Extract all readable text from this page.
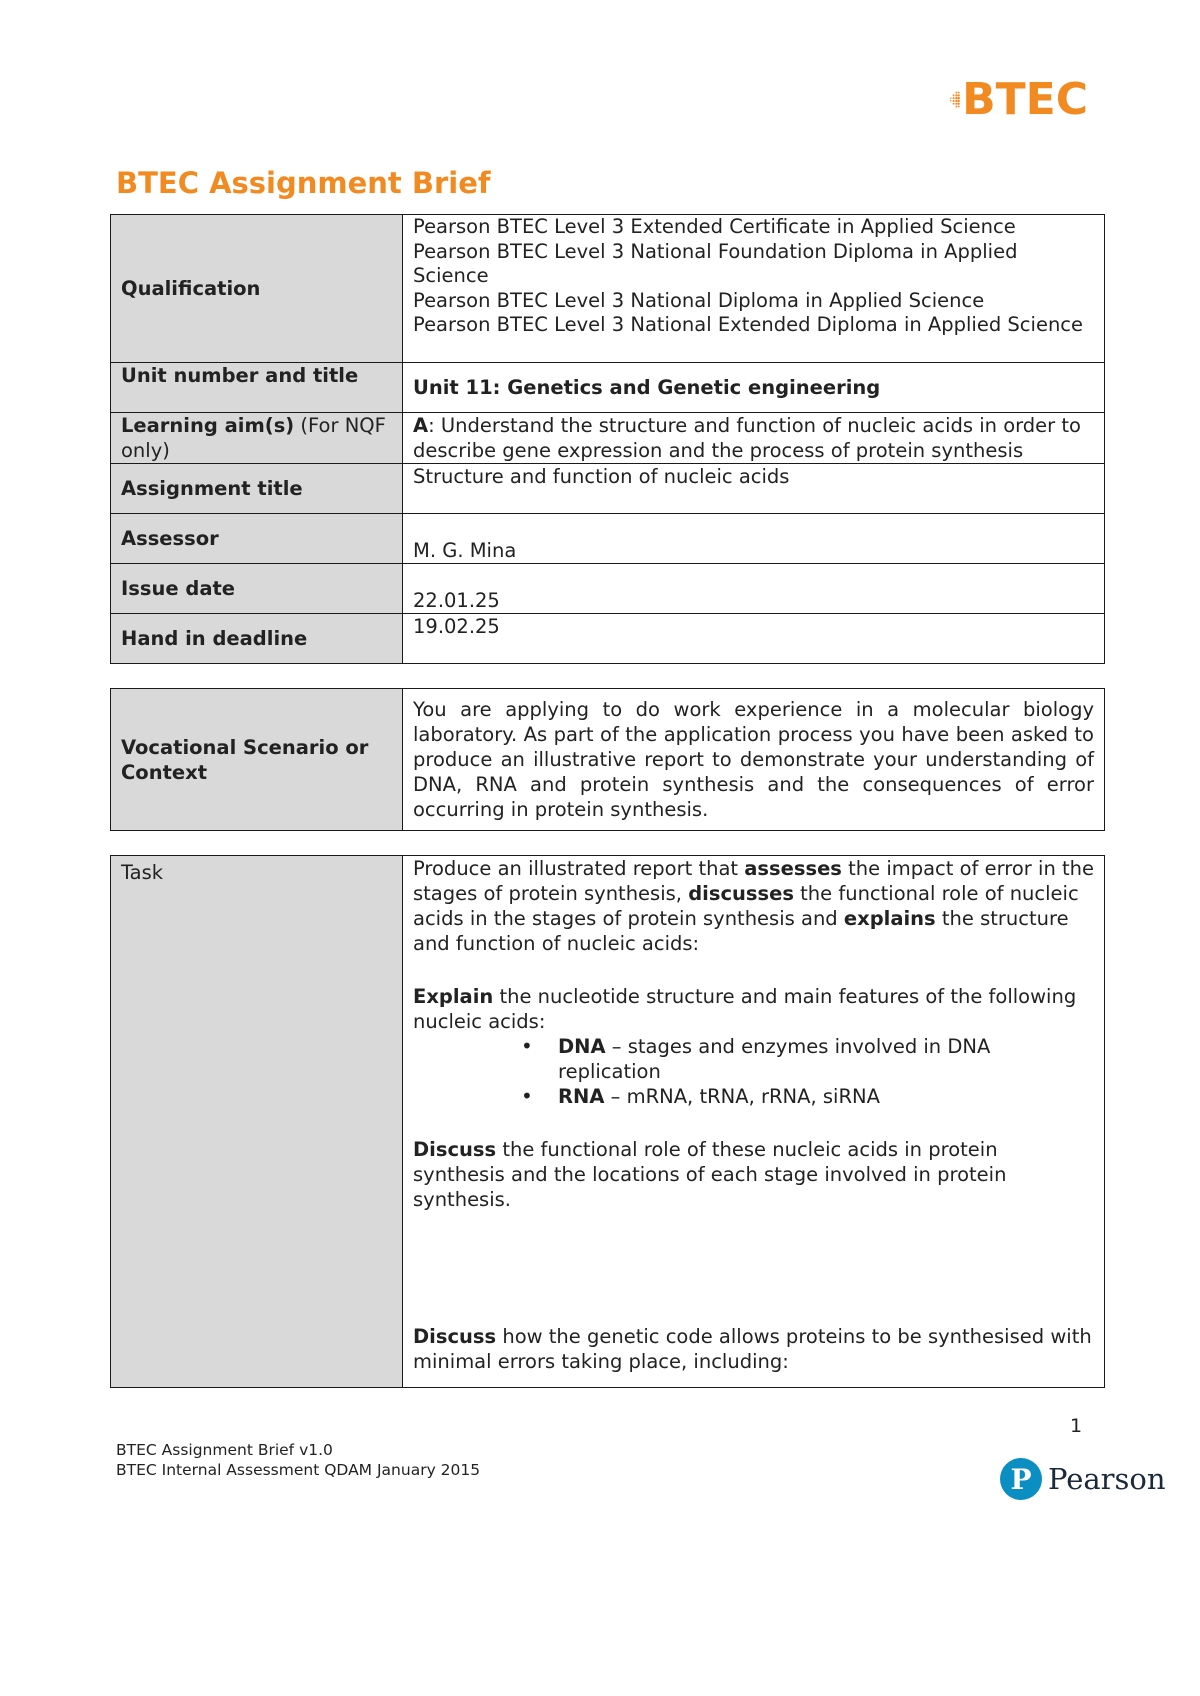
BTEC
BTEC Assignment Brief
Qualification	Pearson BTEC Level 3 Extended Certificate in Applied Science
Pearson BTEC Level 3 National Foundation Diploma in Applied Science
Pearson BTEC Level 3 National Diploma in Applied Science
Pearson BTEC Level 3 National Extended Diploma in Applied Science

Unit number and title	Unit 11: Genetics and Genetic engineering
Learning aim(s) (For NQF only)	A: Understand the structure and function of nucleic acids in order to describe gene expression and the process of protein synthesis
Assignment title	Structure and function of nucleic acids
Assessor	M. G. Mina
Issue date	22.01.25
Hand in deadline	19.02.25
Vocational Scenario or Context	You are applying to do work experience in a molecular biology laboratory. As part of the application process you have been asked to produce an illustrative report to demonstrate your understanding of DNA, RNA and protein synthesis and the consequences of error occurring in protein synthesis.
Task	Produce an illustrated report that assesses the impact of error in the stages of protein synthesis, discusses the functional role of nucleic acids in the stages of protein synthesis and explains the structure and function of nucleic acids:

Explain the nucleotide structure and main features of the following nucleic acids:

• DNA – stages and enzymes involved in DNA replication
• RNA – mRNA, tRNA, rRNA, siRNA

Discuss the functional role of these nucleic acids in protein synthesis and the locations of each stage involved in protein synthesis.

Discuss how the genetic code allows proteins to be synthesised with minimal errors taking place, including:

1
BTEC Assignment Brief v1.0
BTEC Internal Assessment QDAM January 2015	P Pearson
